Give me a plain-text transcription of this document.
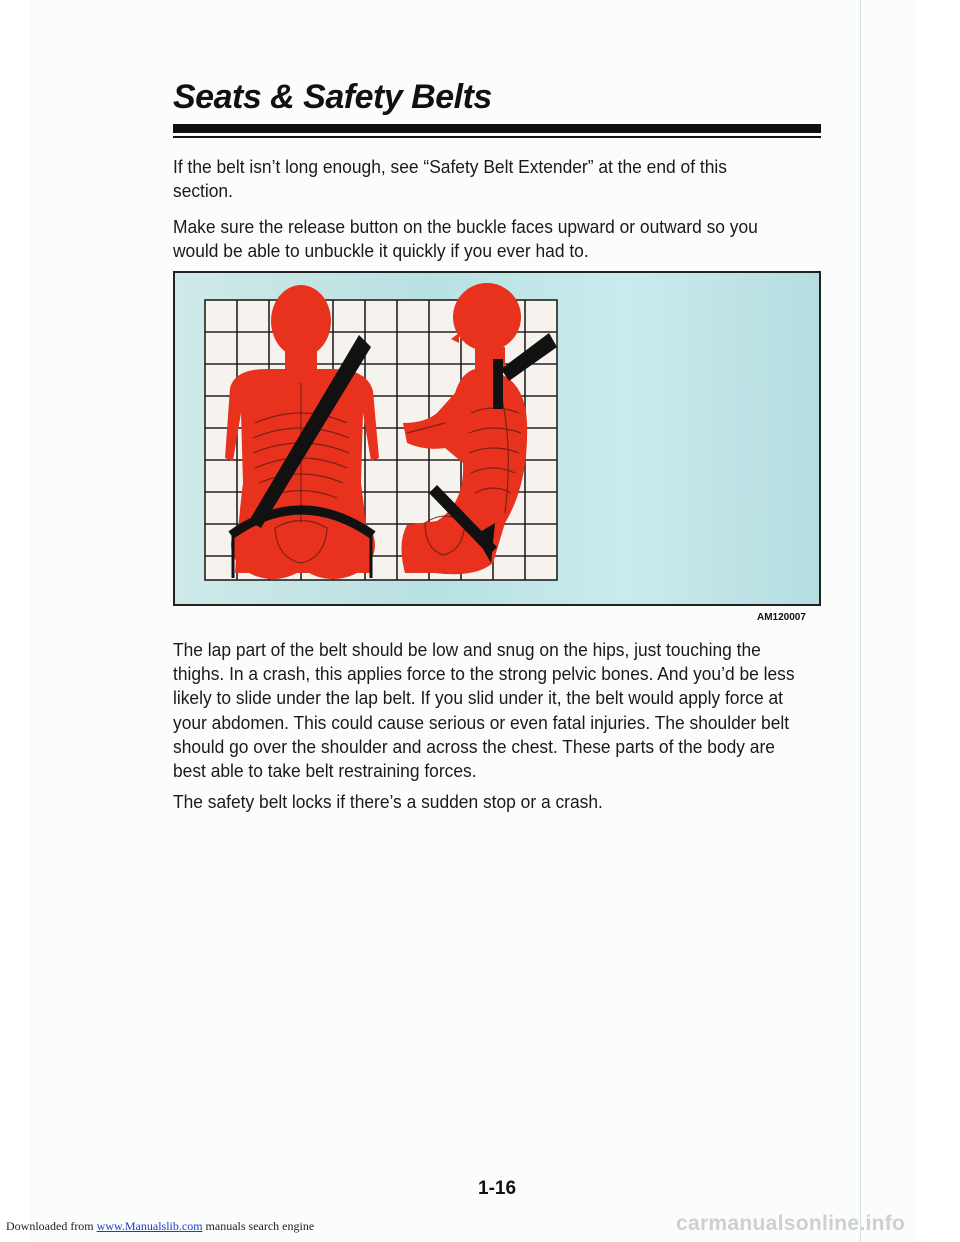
Seats & Safety Belts
If the belt isn’t long enough, see “Safety Belt Extender” at the end of this section.
Make sure the release button on the buckle faces upward or outward so you would be able to unbuckle it quickly if you ever had to.
AM120007
The lap part of the belt should be low and snug on the hips, just touching the thighs. In a crash, this applies force to the strong pelvic bones. And you’d be less likely to slide under the lap belt. If you slid under it, the belt would apply force at your abdomen. This could cause serious or even fatal injuries. The shoulder belt should go over the shoulder and across the chest. These parts of the body are best able to take belt restraining forces.
The safety belt locks if there’s a sudden stop or a crash.
1-16
Downloaded from www.Manualslib.com manuals search engine	carmanualsonline.info
